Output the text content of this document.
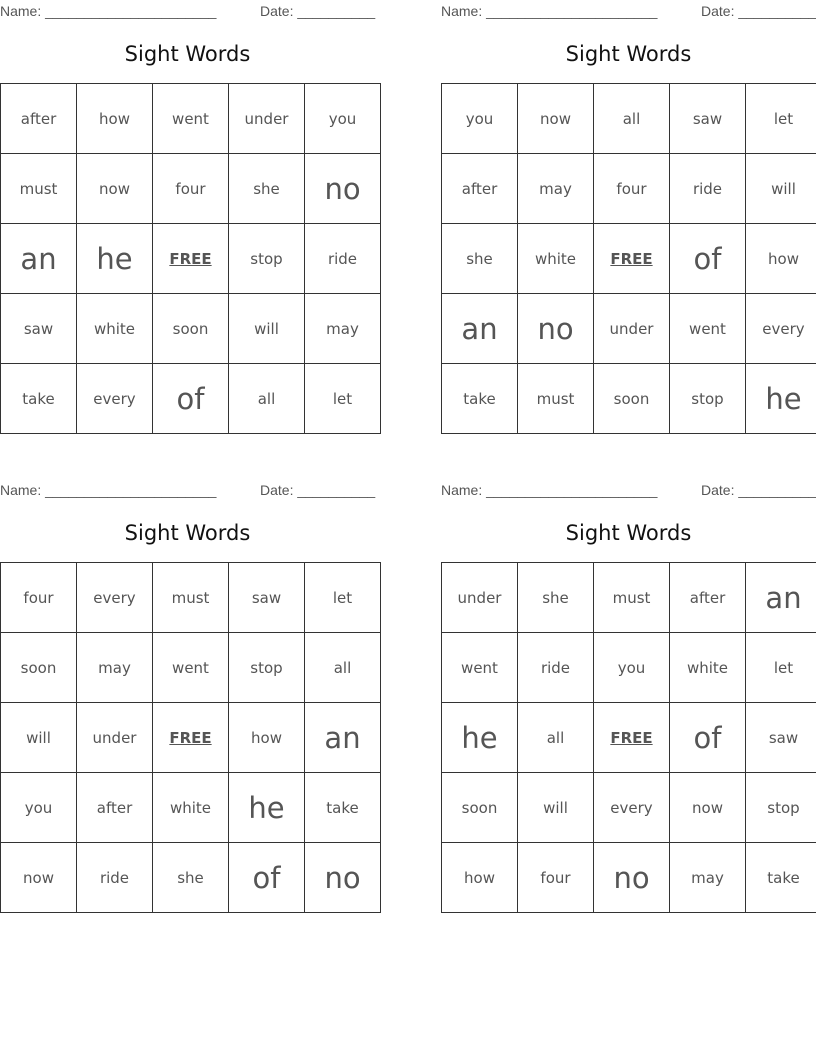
Name: ______________________	Date: __________
Sight Words
after	how	went	under	you
must	now	four	she	no
an	he	FREE	stop	ride
saw	white	soon	will	may
take	every	of	all	let
Name: ______________________	Date: __________
Sight Words
you	now	all	saw	let
after	may	four	ride	will
she	white	FREE	of	how
an	no	under	went	every
take	must	soon	stop	he
Name: ______________________	Date: __________
Sight Words
four	every	must	saw	let
soon	may	went	stop	all
will	under	FREE	how	an
you	after	white	he	take
now	ride	she	of	no
Name: ______________________	Date: __________
Sight Words
under	she	must	after	an
went	ride	you	white	let
he	all	FREE	of	saw
soon	will	every	now	stop
how	four	no	may	take
